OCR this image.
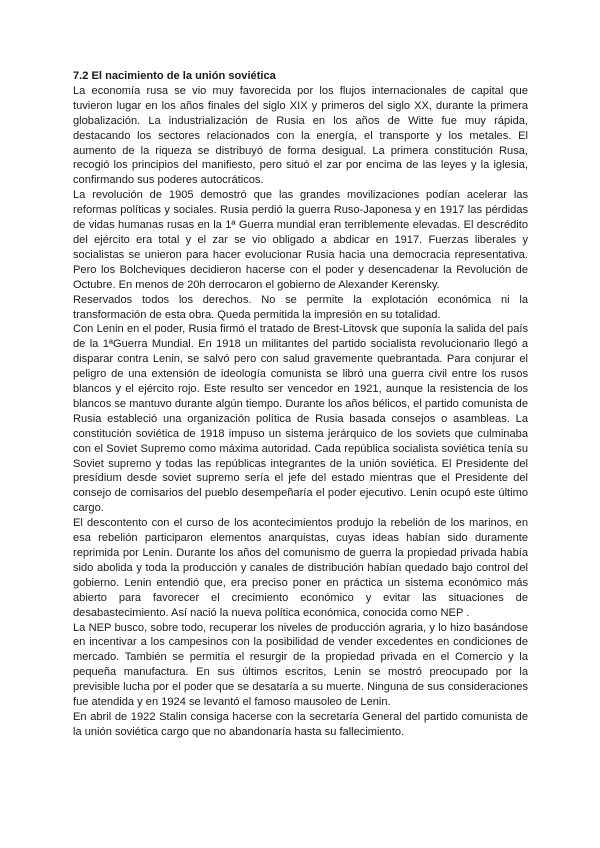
7.2 El nacimiento de la unión soviética

La economía rusa se vio muy favorecida por los flujos internacionales de capital que tuvieron lugar en los años finales del siglo XIX y primeros del siglo XX, durante la primera globalización. La industrialización de Rusia en los años de Witte fue muy rápida, destacando los sectores relacionados con la energía, el transporte y los metales. El aumento de la riqueza se distribuyó de forma desigual. La primera constitución Rusa, recogió los principios del manifiesto, pero situó el zar por encima de las leyes y la iglesia, confirmando sus poderes autocráticos.

La revolución de 1905 demostró que las grandes movilizaciones podían acelerar las reformas políticas y sociales. Rusia perdió la guerra Ruso-Japonesa y en 1917 las pérdidas de vidas humanas rusas en la 1ª Guerra mundial eran terriblemente elevadas. El descrédito del ejército era total y el zar se vio obligado a abdicar en 1917. Fuerzas liberales y socialistas se unieron para hacer evolucionar Rusia hacia una democracia representativa. Pero los Bolcheviques decidieron hacerse con el poder y desencadenar la Revolución de Octubre. En menos de 20h derrocaron el gobierno de Alexander Kerensky.

Reservados todos los derechos. No se permite la explotación económica ni la transformación de esta obra. Queda permitida la impresión en su totalidad.

Con Lenin en el poder, Rusia firmó el tratado de Brest-Litovsk que suponía la salida del país de la 1ªGuerra Mundial. En 1918 un militantes del partido socialista revolucionario llegó a disparar contra Lenin, se salvó pero con salud gravemente quebrantada. Para conjurar el peligro de una extensión de ideología comunista se libró una guerra civil entre los rusos blancos y el ejército rojo. Este resulto ser vencedor en 1921, aunque la resistencia de los blancos se mantuvo durante algún tiempo. Durante los años bélicos, el partido comunista de Rusia estableció una organización política de Rusia basada consejos o asambleas. La constitución soviética de 1918 impuso un sistema jerárquico de los soviets que culminaba con el Soviet Supremo como máxima autoridad. Cada república socialista soviética tenía su Soviet supremo y todas las repúblicas integrantes de la unión soviética. El Presidente del presídium desde soviet supremo sería el jefe del estado mientras que el Presidente del consejo de comisarios del pueblo desempeñaría el poder ejecutivo. Lenin ocupó este último cargo.

El descontento con el curso de los acontecimientos produjo la rebelión de los marinos, en esa rebelión participaron elementos anarquistas, cuyas ideas habían sido duramente reprimida por Lenin. Durante los años del comunismo de guerra la propiedad privada había sido abolida y toda la producción y canales de distribución habían quedado bajo control del gobierno. Lenin entendió que, era preciso poner en práctica un sistema económico más abierto para favorecer el crecimiento económico y evitar las situaciones de desabastecimiento. Así nació la nueva política económica, conocida como NEP .

La NEP busco, sobre todo, recuperar los niveles de producción agraria, y lo hizo basándose en incentivar a los campesinos con la posibilidad de vender excedentes en condiciones de mercado. También se permitía el resurgir de la propiedad privada en el Comercio y la pequeña manufactura. En sus últimos escritos, Lenin se mostró preocupado por la previsible lucha por el poder que se desataría a su muerte. Ninguna de sus consideraciones fue atendida y en 1924 se levantó el famoso mausoleo de Lenin.

En abril de 1922 Stalin consiga hacerse con la secretaría General del partido comunista de la unión soviética cargo que no abandonaría hasta su fallecimiento.
